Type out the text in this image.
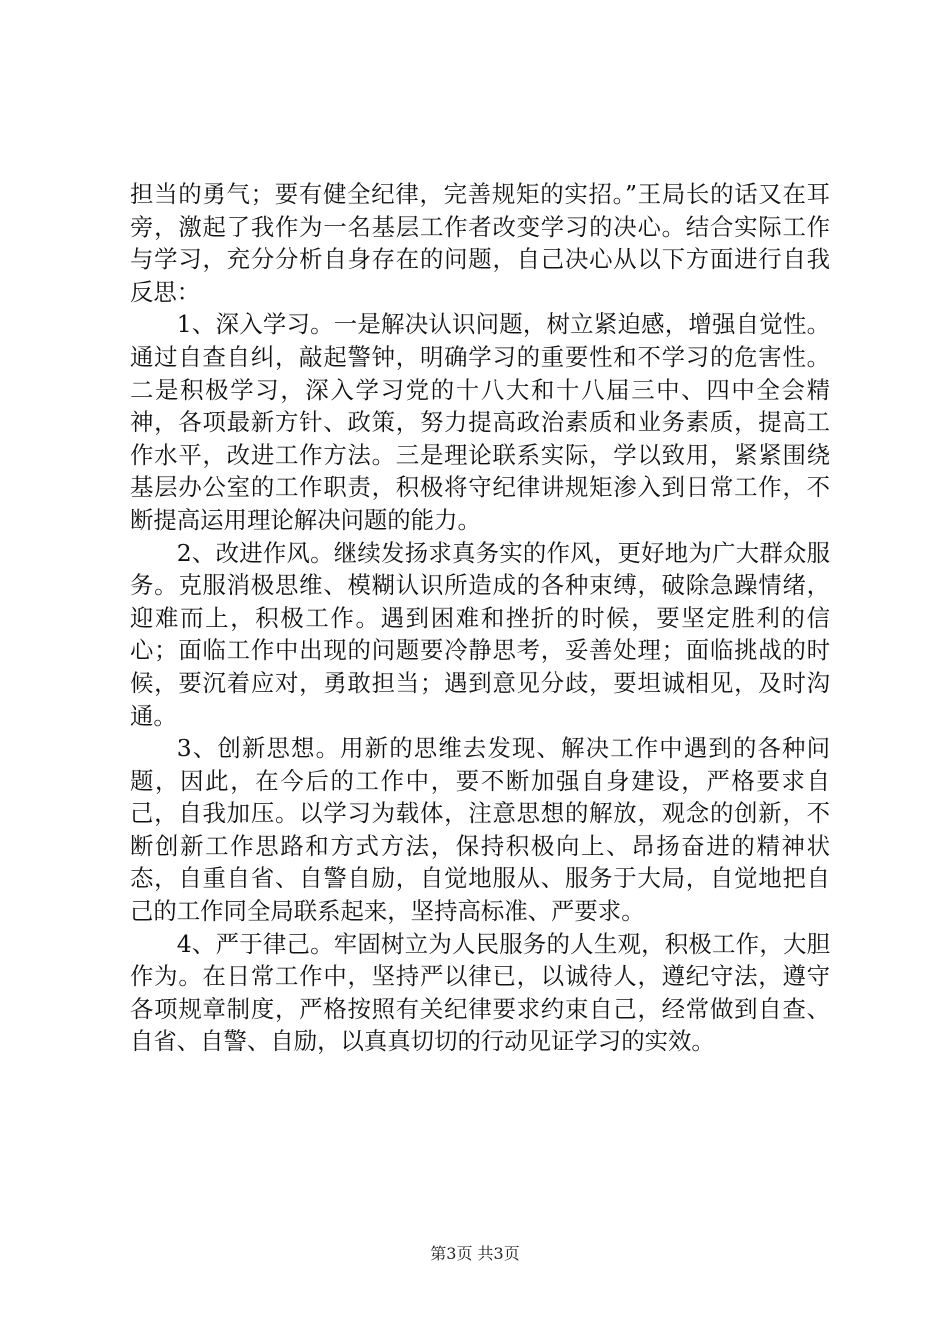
担当的勇气；要有健全纪律，完善规矩的实招。”王局长的话又在耳旁，激起了我作为一名基层工作者改变学习的决心。结合实际工作与学习，充分分析自身存在的问题，自己决心从以下方面进行自我反思：

1、深入学习。一是解决认识问题，树立紧迫感，增强自觉性。通过自查自纠，敲起警钟，明确学习的重要性和不学习的危害性。二是积极学习，深入学习党的十八大和十八届三中、四中全会精神，各项最新方针、政策，努力提高政治素质和业务素质，提高工作水平，改进工作方法。三是理论联系实际，学以致用，紧紧围绕基层办公室的工作职责，积极将守纪律讲规矩渗入到日常工作，不断提高运用理论解决问题的能力。

2、改进作风。继续发扬求真务实的作风，更好地为广大群众服务。克服消极思维、模糊认识所造成的各种束缚，破除急躁情绪，迎难而上，积极工作。遇到困难和挫折的时候，要坚定胜利的信心；面临工作中出现的问题要冷静思考，妥善处理；面临挑战的时候，要沉着应对，勇敢担当；遇到意见分歧，要坦诚相见，及时沟通。

3、创新思想。用新的思维去发现、解决工作中遇到的各种问题，因此，在今后的工作中，要不断加强自身建设，严格要求自己，自我加压。以学习为载体，注意思想的解放，观念的创新，不断创新工作思路和方式方法，保持积极向上、昂扬奋进的精神状态，自重自省、自警自励，自觉地服从、服务于大局，自觉地把自己的工作同全局联系起来，坚持高标准、严要求。

4、严于律己。牢固树立为人民服务的人生观，积极工作，大胆作为。在日常工作中，坚持严以律已，以诚待人，遵纪守法，遵守各项规章制度，严格按照有关纪律要求约束自己，经常做到自查、自省、自警、自励，以真真切切的行动见证学习的实效。

第3页 共3页
